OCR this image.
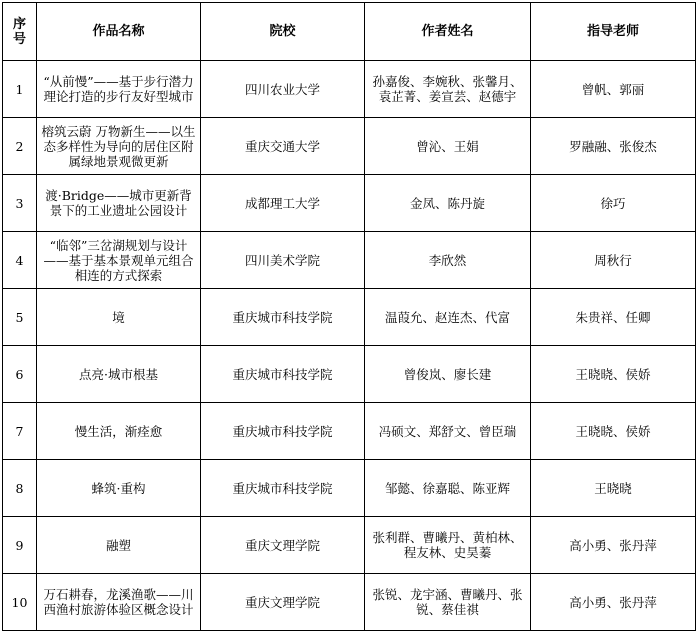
序号	作品名称	院校	作者姓名	指导老师
1	“从前慢”——基于步行潜力理论打造的步行友好型城市	四川农业大学	孙嘉俊、李婉秋、张馨月、袁芷菁、姜宣芸、赵德宇	曾帆、郭丽
2	榕筑云蔚 万物新生——以生态多样性为导向的居住区附属绿地景观微更新	重庆交通大学	曾沁、王娟	罗融融、张俊杰
3	渡·Bridge——城市更新背景下的工业遗址公园设计	成都理工大学	金凤、陈丹旋	徐巧
4	“临邻”三岔湖规划与设计——基于基本景观单元组合相连的方式探索	四川美术学院	李欣然	周秋行
5	境	重庆城市科技学院	温葭允、赵连杰、代富	朱贵祥、任卿
6	点亮·城市根基	重庆城市科技学院	曾俊岚、廖长建	王晓晓、侯娇
7	慢生活，渐痊愈	重庆城市科技学院	冯硕文、郑舒文、曾臣瑞	王晓晓、侯娇
8	蜂筑·重构	重庆城市科技学院	邹懿、徐嘉聪、陈亚辉	王晓晓
9	融塑	重庆文理学院	张利群、曹曦丹、黄柏林、程友林、史昊蓁	高小勇、张丹萍
10	万石耕春，龙溪渔歌——川西渔村旅游体验区概念设计	重庆文理学院	张锐、龙宇涵、曹曦丹、张锐、蔡佳祺	高小勇、张丹萍
